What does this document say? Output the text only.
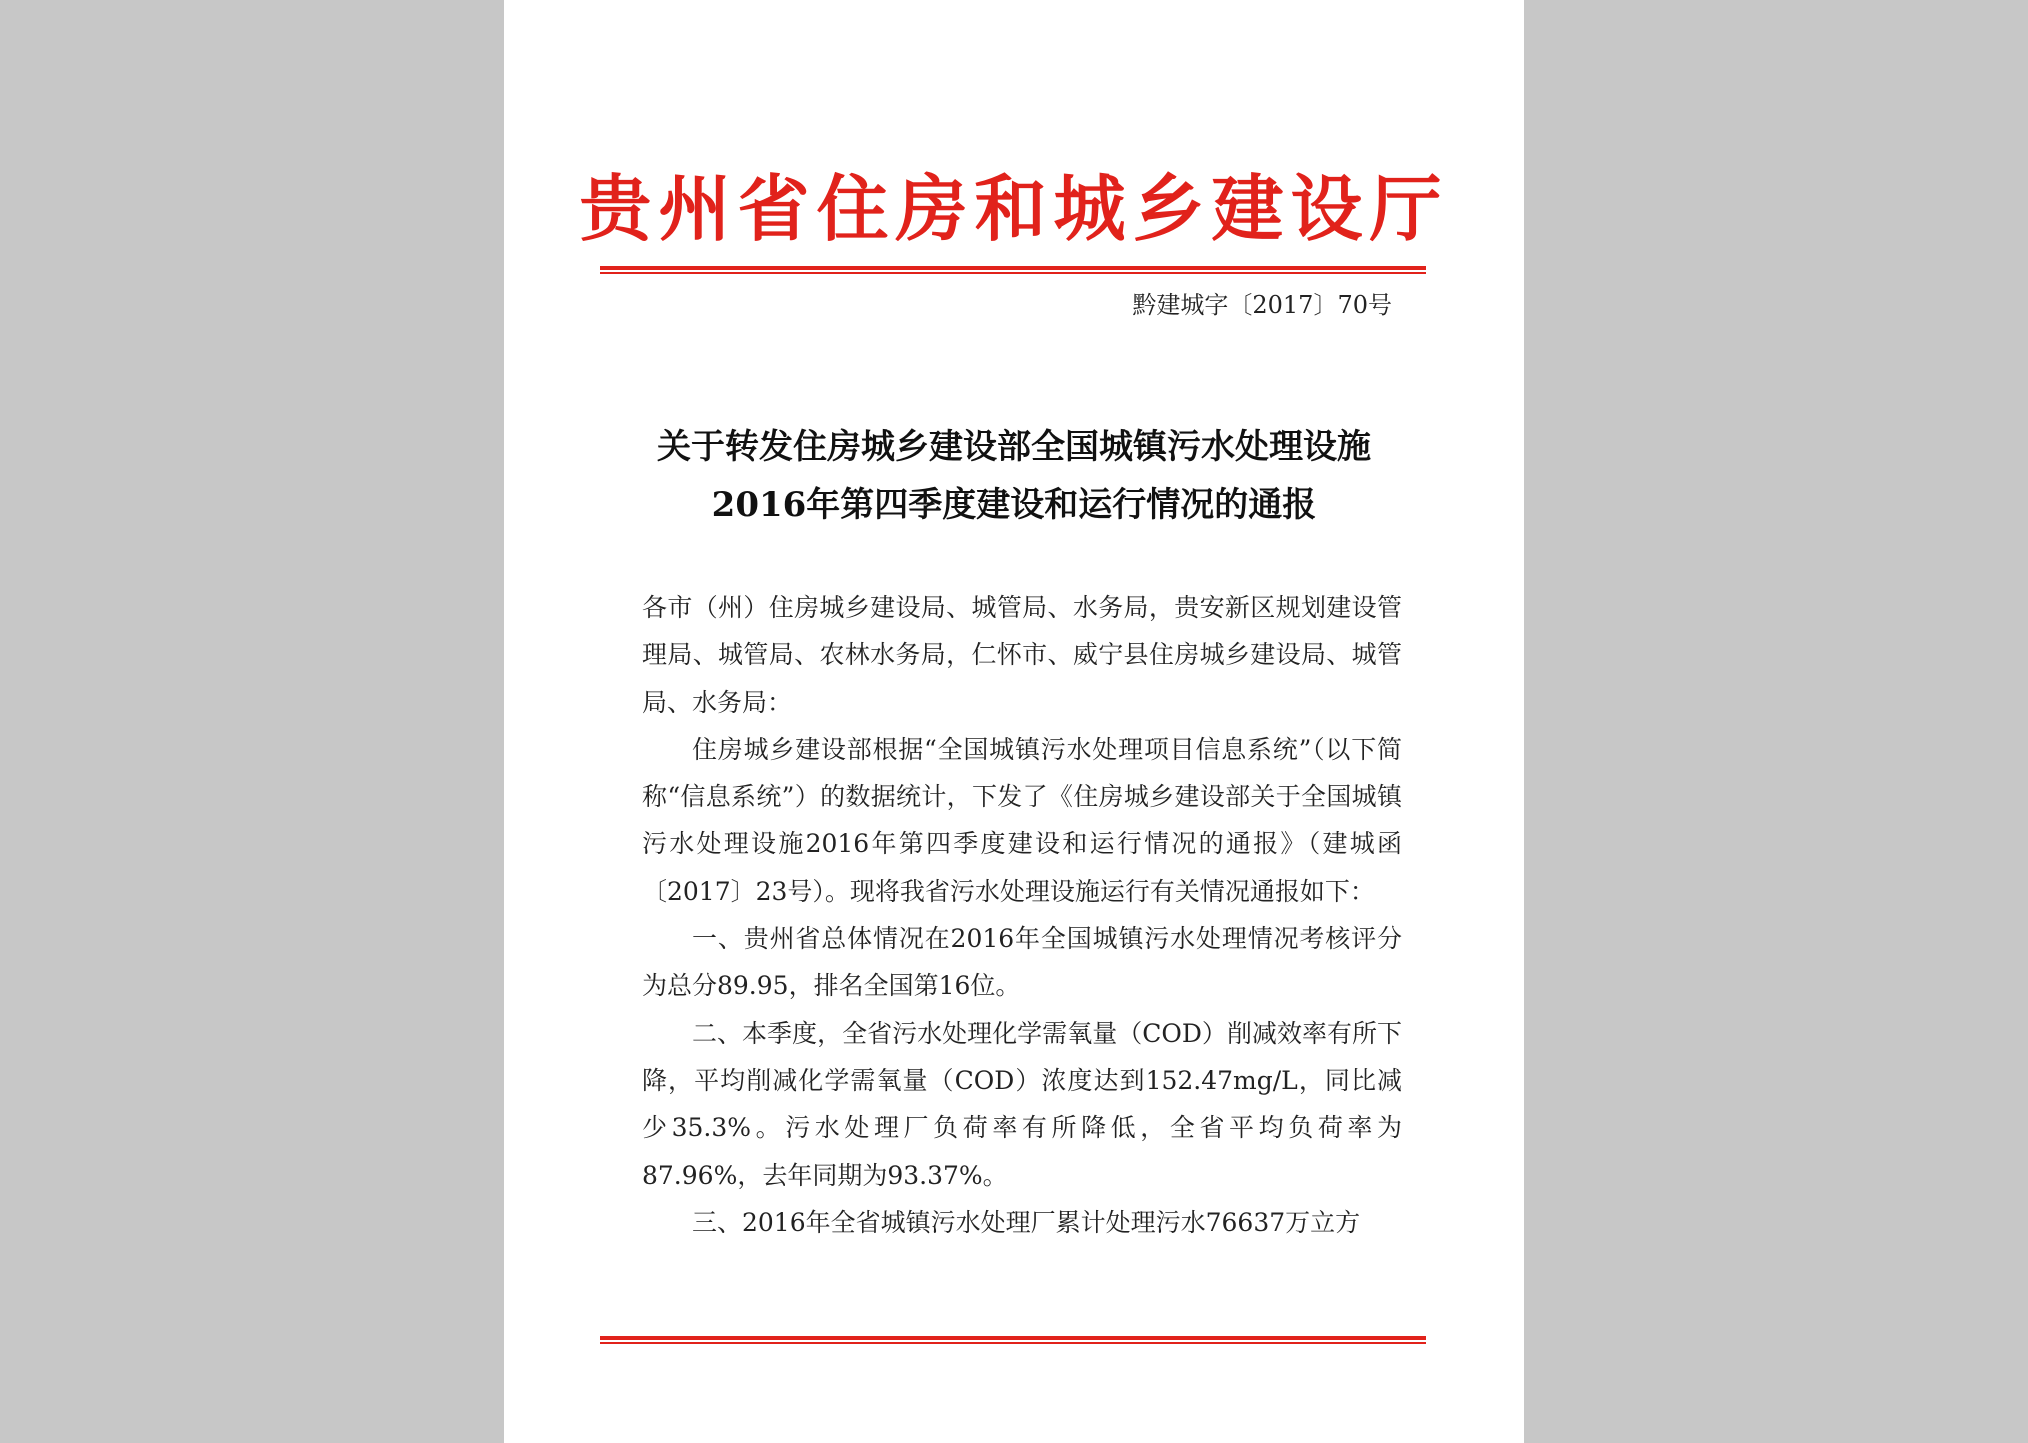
贵州省住房和城乡建设厅
黔建城字〔2017〕70号
关于转发住房城乡建设部全国城镇污水处理设施
2016年第四季度建设和运行情况的通报

各市（州）住房城乡建设局、城管局、水务局，贵安新区规划建设管理局、城管局、农林水务局，仁怀市、威宁县住房城乡建设局、城管局、水务局：

住房城乡建设部根据“全国城镇污水处理项目信息系统”（以下简称“信息系统”）的数据统计，下发了《住房城乡建设部关于全国城镇污水处理设施2016年第四季度建设和运行情况的通报》（建城函〔2017〕23号）。现将我省污水处理设施运行有关情况通报如下：

一、贵州省总体情况在2016年全国城镇污水处理情况考核评分为总分89.95，排名全国第16位。

二、本季度，全省污水处理化学需氧量（COD）削减效率有所下降，平均削减化学需氧量（COD）浓度达到152.47mg/L，同比减少35.3%。污水处理厂负荷率有所降低，全省平均负荷率为87.96%，去年同期为93.37%。

三、2016年全省城镇污水处理厂累计处理污水76637万立方
